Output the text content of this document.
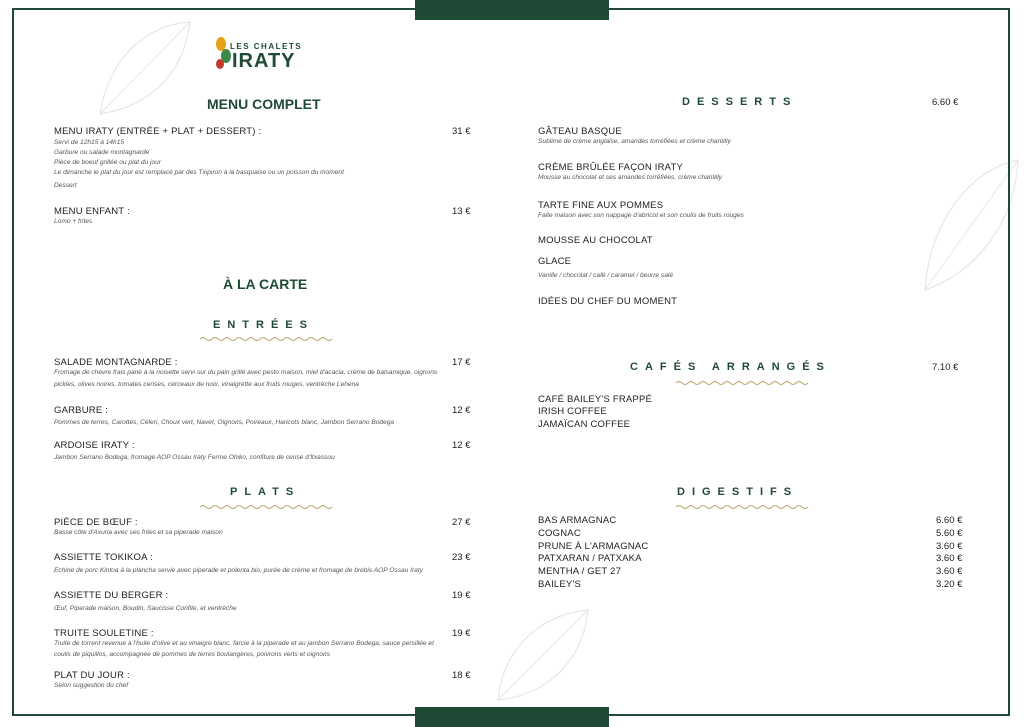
LES CHALETS
IRATY
MENU COMPLET
MENU IRATY (ENTRÉE + PLAT + DESSERT) :	31 €
Servi de 12h15 à 14h15
Garbure ou salade montagnarde
Pièce de boeuf grillée ou plat du jour
Le dimanche le plat du jour est remplacé par des Txipiron à la basquaise ou un poisson du moment
Dessert
MENU ENFANT :	13 €
Lomo + frites
À LA CARTE
ENTRÉES
SALADE MONTAGNARDE :	17 €
Fromage de chèvre frais pané à la noisette servi sur du pain grillé avec pesto maison, miel d'acacia, crème de balsamique, oignons
pickles, olives noires, tomates cerises, cerceaux de noix, vinaigrette aux fruits rouges, ventrèche Lehena
GARBURE :	12 €
Pommes de terres, Carottes, Céleri, Choux vert, Navet, Oignons, Poireaux, Haricots blanc, Jambon Serrano Bodega
ARDOISE IRATY :	12 €
Jambon Serrano Bodega, fromage AOP Ossau Iraty Ferme Ohiko, confiture de cerise d'Itxassou
PLATS
PIÈCE DE BŒUF :	27 €
Basse côte d'Axuria avec ses frites et sa piperade maison
ASSIETTE TOKIKOA :	23 €
Echine de porc Kintoa à la plancha servie avec piperade et polenta bio, purée de crème et fromage de brebis AOP Ossau Iraty
ASSIETTE DU BERGER :	19 €
Œuf, Piperade maison, Boudin, Saucisse Confite, et ventrèche
TRUITE SOULETINE :	19 €
Truite de torrent revenue à l'huile d'olive et au vinaigre blanc, farcie à la piperade et au jambon Serrano Bodega, sauce persillée et
coulis de piquillos, accompagnée de pommes de terres boulangères, poivrons verts et oignons
PLAT DU JOUR :	18 €
Selon suggestion du chef
DESSERTS	6.60 €
GÂTEAU BASQUE
Sublimé de crème anglaise, amandes torréfiées et crème chantilly
CRÈME BRÛLÉE FAÇON IRATY
Mousse au chocolat et ses amandes torréfiées, crème chantilly
TARTE FINE AUX POMMES
Faite maison avec son nappage d'abricot et son coulis de fruits rouges
MOUSSE AU CHOCOLAT
GLACE
Vanille / chocolat / café / caramel / beurre salé
IDÉES DU CHEF DU MOMENT
CAFÉS ARRANGÉS	7.10 €
CAFÉ BAILEY'S FRAPPÉ
IRISH COFFEE
JAMAÏCAN COFFEE
DIGESTIFS
BAS ARMAGNAC	6.60 €
COGNAC	5.60 €
PRUNE À L'ARMAGNAC	3.60 €
PATXARAN / PATXAKA	3.60 €
MENTHA / GET 27	3.60 €
BAILEY'S	3.20 €
